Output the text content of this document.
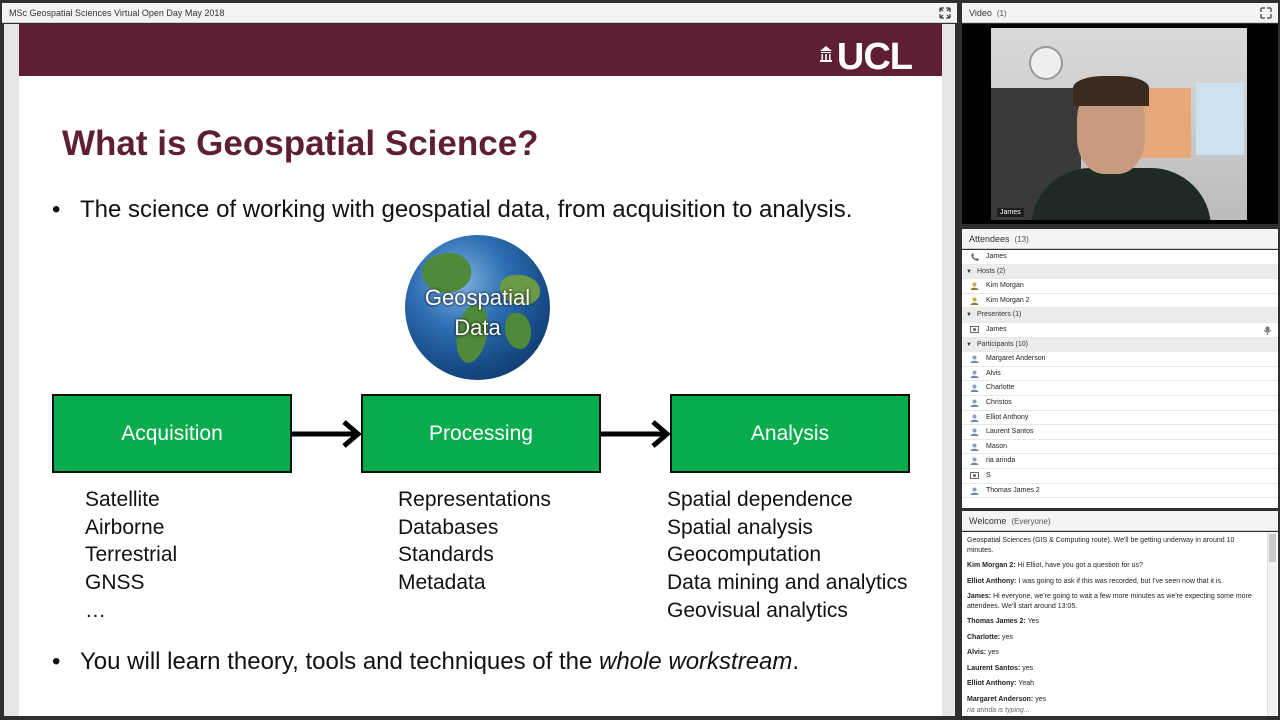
MSc Geospatial Sciences Virtual Open Day May 2018
UCL
What is Geospatial Science?
• The science of working with geospatial data, from acquisition to analysis.
Geospatial
Data
Acquisition	Processing	Analysis
Satellite
Airborne
Terrestrial
GNSS
…
Representations
Databases
Standards
Metadata
Spatial dependence
Spatial analysis
Geocomputation
Data mining and analytics
Geovisual analytics
• You will learn theory, tools and techniques of the whole workstream.
Video (1)
James
Attendees (13)
James
▼ Hosts (2)
Kim Morgan
Kim Morgan 2
▼ Presenters (1)
James
▼ Participants (10)
Margaret Anderson
Alvis
Charlotte
Christos
Elliot Anthony
Laurent Santos
Mason
ria arinda
S
Thomas James 2
Welcome (Everyone)
Geospatial Sciences (GIS & Computing route). We'll be getting underway in around 10 minutes.
Kim Morgan 2: Hi Elliot, have you got a question for us?
Elliot Anthony: I was going to ask if this was recorded, but I've seen now that it is.
James: Hi everyone, we're going to wait a few more minutes as we're expecting some more attendees. We'll start around 13:05.
Thomas James 2: Yes
Charlotte: yes
Alvis: yes
Laurent Santos: yes
Elliot Anthony: Yeah
Margaret Anderson: yes
ria arinda is typing...
